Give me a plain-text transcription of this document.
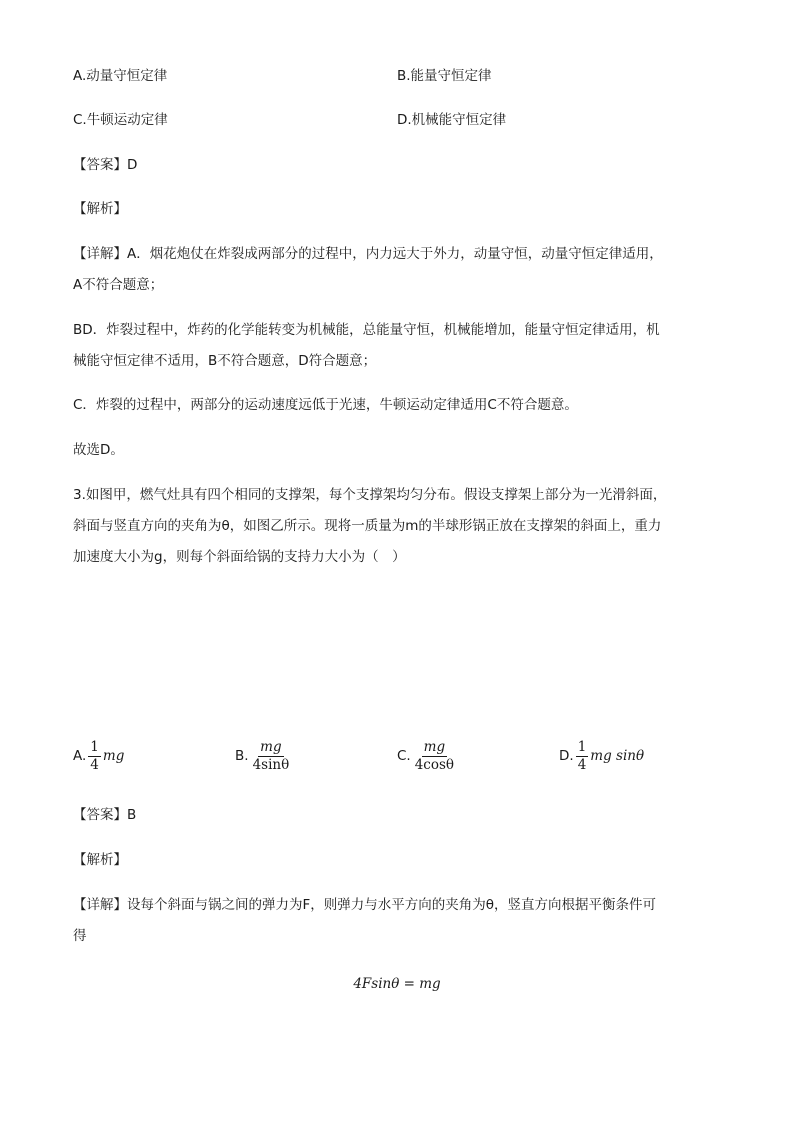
A.动量守恒定律	B.能量守恒定律
C.牛顿运动定律	D.机械能守恒定律
【答案】D
【解析】
【详解】A．烟花炮仗在炸裂成两部分的过程中，内力远大于外力，动量守恒，动量守恒定律适用，
A不符合题意；
BD．炸裂过程中，炸药的化学能转变为机械能，总能量守恒，机械能增加，能量守恒定律适用，机
械能守恒定律不适用，B不符合题意，D符合题意；
C．炸裂的过程中，两部分的运动速度远低于光速，牛顿运动定律适用C不符合题意。
故选D。
3.如图甲，燃气灶具有四个相同的支撑架，每个支撑架均匀分布。假设支撑架上部分为一光滑斜面，
斜面与竖直方向的夹角为θ，如图乙所示。现将一质量为m的半球形锅正放在支撑架的斜面上，重力
加速度大小为g，则每个斜面给锅的支持力大小为（　）
A. $\frac{1}{4}$ mg	B. $\frac{mg}{4\sin\theta}$	C. $\frac{mg}{4\cos\theta}$	D. $\frac{1}{4}$ mg sinθ
【答案】B
【解析】
【详解】设每个斜面与锅之间的弹力为F，则弹力与水平方向的夹角为θ，竖直方向根据平衡条件可
得
4Fsinθ = mg
